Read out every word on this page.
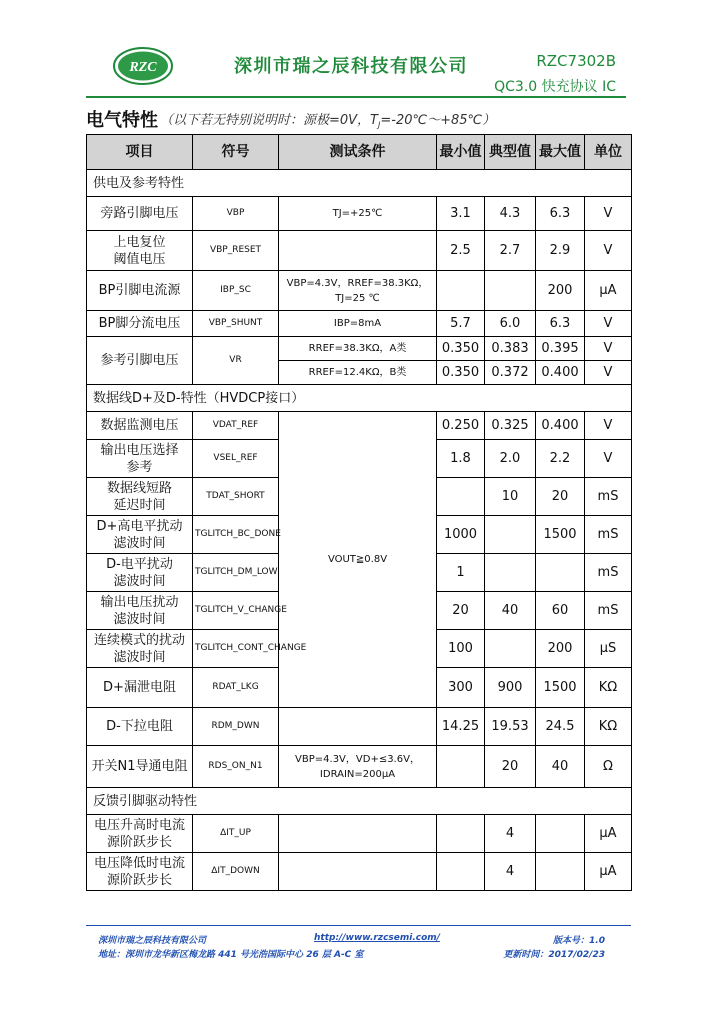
RZC	深圳市瑞之辰科技有限公司	RZC7302B
QC3.0 快充协议 IC
电气特性 （以下若无特别说明时：源极=0V，$T_J=-20℃\sim+85℃$）
项目	符号	测试条件	最小值	典型值	最大值	单位
供电及参考特性						
旁路引脚电压	VBP	TJ=+25℃	3.1	4.3	6.3	V

上电复位
阈值电压	VBP_RESET		2.5	2.7	2.9	V
BP引脚电流源	IBP_SC	VBP=4.3V，RREF=38.3KΩ，
TJ=25 ℃			200	μA
BP脚分流电压	VBP_SHUNT	IBP=8mA	5.7	6.0	6.3	V
参考引脚电压	VR	RREF=38.3KΩ，A类	0.350	0.383	0.395	V
		RREF=12.4KΩ，B类	0.350	0.372	0.400	V
数据线D+及D-特性（HVDCP接口）						
数据监测电压	VDAT_REF	VOUT≧0.8V	0.250	0.325	0.400	V

输出电压选择
参考	VSEL_REF		1.8	2.0	2.2	V

数据线短路
延迟时间	TDAT_SHORT			10	20	mS

D+高电平扰动
滤波时间	TGLITCH_BC_DONE		1000		1500	mS

D-电平扰动
滤波时间	TGLITCH_DM_LOW		1			mS

输出电压扰动
滤波时间	TGLITCH_V_CHANGE		20	40	60	mS

连续模式的扰动
滤波时间	TGLITCH_CONT_CHANGE		100		200	μS
D+漏泄电阻	RDAT_LKG		300	900	1500	KΩ
D-下拉电阻	RDM_DWN		14.25	19.53	24.5	KΩ
开关N1导通电阻	RDS_ON_N1	VBP=4.3V，VD+≤3.6V，
IDRAIN=200μA		20	40	Ω
反馈引脚驱动特性						

电压升高时电流
源阶跃步长	ΔIT_UP			4		μA

电压降低时电流
源阶跃步长	ΔIT_DOWN			4		μA
深圳市瑞之辰科技有限公司	http://www.rzcsemi.com/	版本号：1.0
地址：深圳市龙华新区梅龙路 441 号光浩国际中心 26 层 A-C 室	更新时间：2017/02/23
